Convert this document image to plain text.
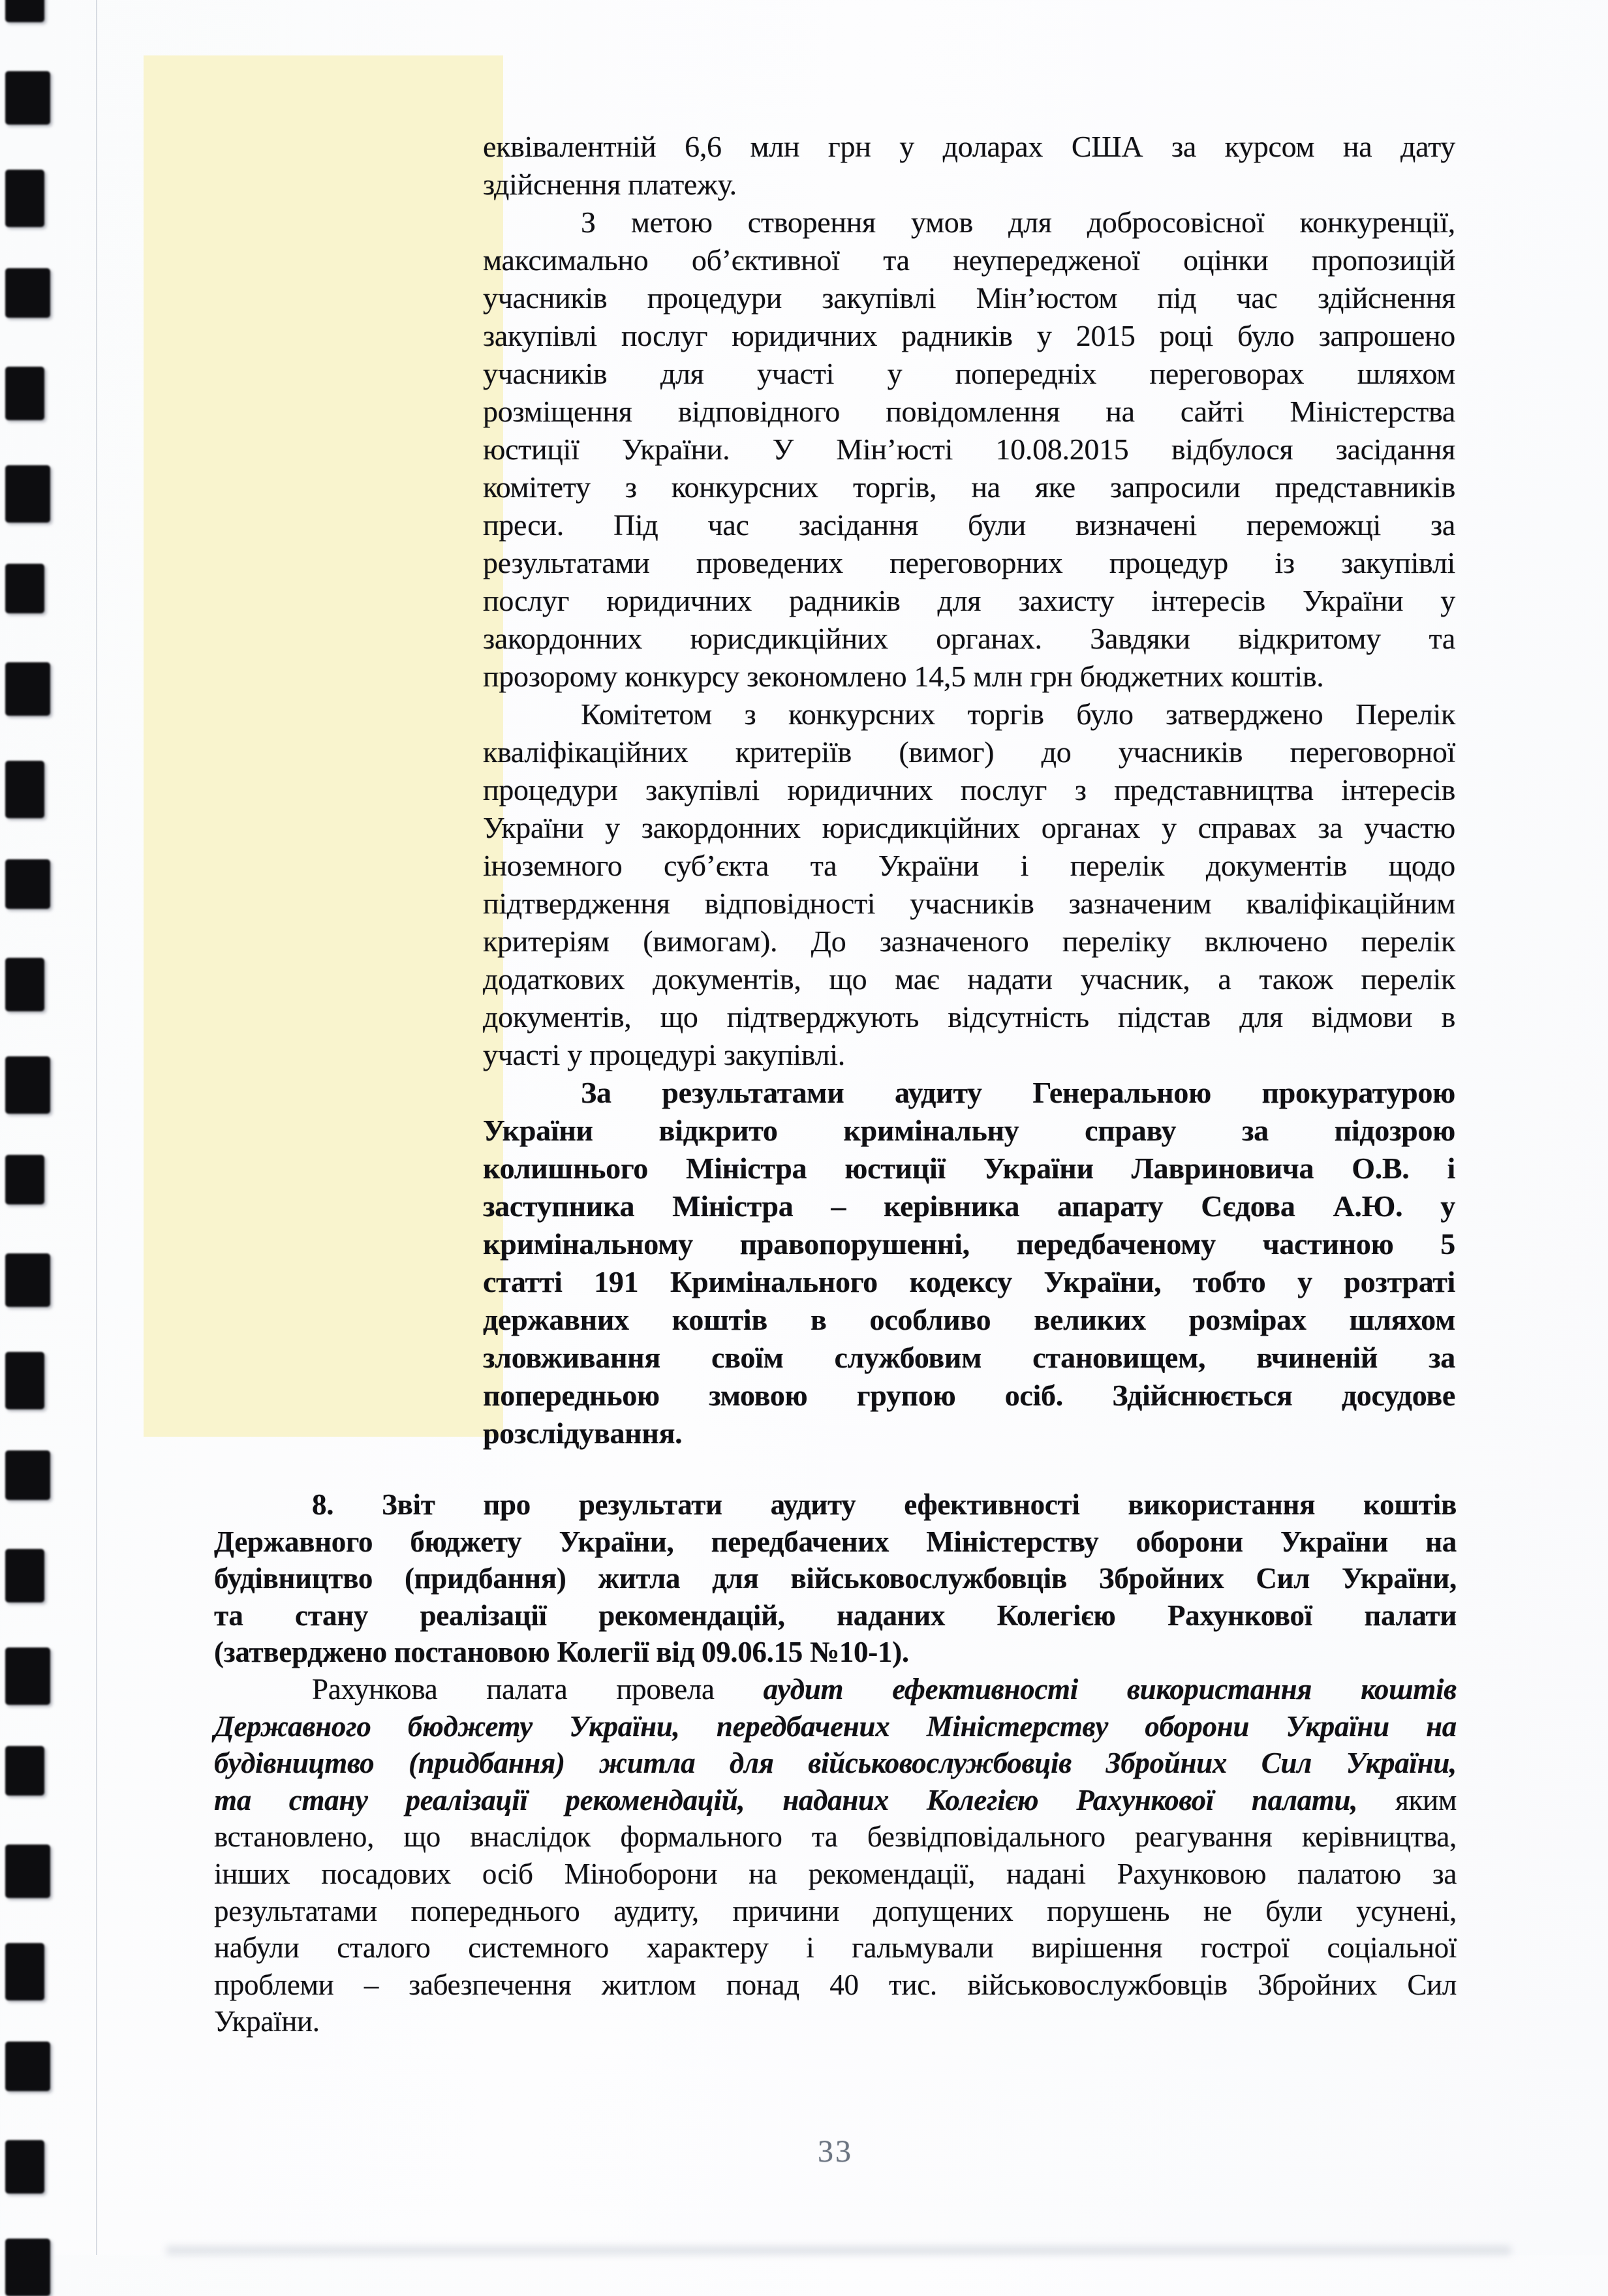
еквівалентній 6,6 млн грн у доларах США за курсом на дату
здійснення платежу.
З метою створення умов для добросовісної конкуренції,
максимально об’єктивної та неупередженої оцінки пропозицій
учасників процедури закупівлі Мін’юстом під час здійснення
закупівлі послуг юридичних радників у 2015 році було запрошено
учасників для участі у попередніх переговорах шляхом
розміщення відповідного повідомлення на сайті Міністерства
юстиції України. У Мін’юсті 10.08.2015 відбулося засідання
комітету з конкурсних торгів, на яке запросили представників
преси. Під час засідання були визначені переможці за
результатами проведених переговорних процедур із закупівлі
послуг юридичних радників для захисту інтересів України у
закордонних юрисдикційних органах. Завдяки відкритому та
прозорому конкурсу зекономлено 14,5 млн грн бюджетних коштів.
Комітетом з конкурсних торгів було затверджено Перелік
кваліфікаційних критеріїв (вимог) до учасників переговорної
процедури закупівлі юридичних послуг з представництва інтересів
України у закордонних юрисдикційних органах у справах за участю
іноземного суб’єкта та України і перелік документів щодо
підтвердження відповідності учасників зазначеним кваліфікаційним
критеріям (вимогам). До зазначеного переліку включено перелік
додаткових документів, що має надати учасник, а також перелік
документів, що підтверджують відсутність підстав для відмови в
участі у процедурі закупівлі.
За результатами аудиту Генеральною прокуратурою
України відкрито кримінальну справу за підозрою
колишнього Міністра юстиції України Лавриновича О.В. і
заступника Міністра – керівника апарату Сєдова А.Ю. у
кримінальному правопорушенні, передбаченому частиною 5
статті 191 Кримінального кодексу України, тобто у розтраті
державних коштів в особливо великих розмірах шляхом
зловживання своїм службовим становищем, вчиненій за
попередньою змовою групою осіб. Здійснюється досудове
розслідування.
8. Звіт про результати аудиту ефективності використання коштів
Державного бюджету України, передбачених Міністерству оборони України на
будівництво (придбання) житла для військовослужбовців Збройних Сил України,
та стану реалізації рекомендацій, наданих Колегією Рахункової палати
(затверджено постановою Колегії від 09.06.15 №10-1).
Рахункова палата провела аудит ефективності використання коштів
Державного бюджету України, передбачених Міністерству оборони України на
будівництво (придбання) житла для військовослужбовців Збройних Сил України,
та стану реалізації рекомендацій, наданих Колегією Рахункової палати, яким
встановлено, що внаслідок формального та безвідповідального реагування керівництва,
інших посадових осіб Міноборони на рекомендації, надані Рахунковою палатою за
результатами попереднього аудиту, причини допущених порушень не були усунені,
набули сталого системного характеру і гальмували вирішення гострої соціальної
проблеми – забезпечення житлом понад 40 тис. військовослужбовців Збройних Сил
України.
33
